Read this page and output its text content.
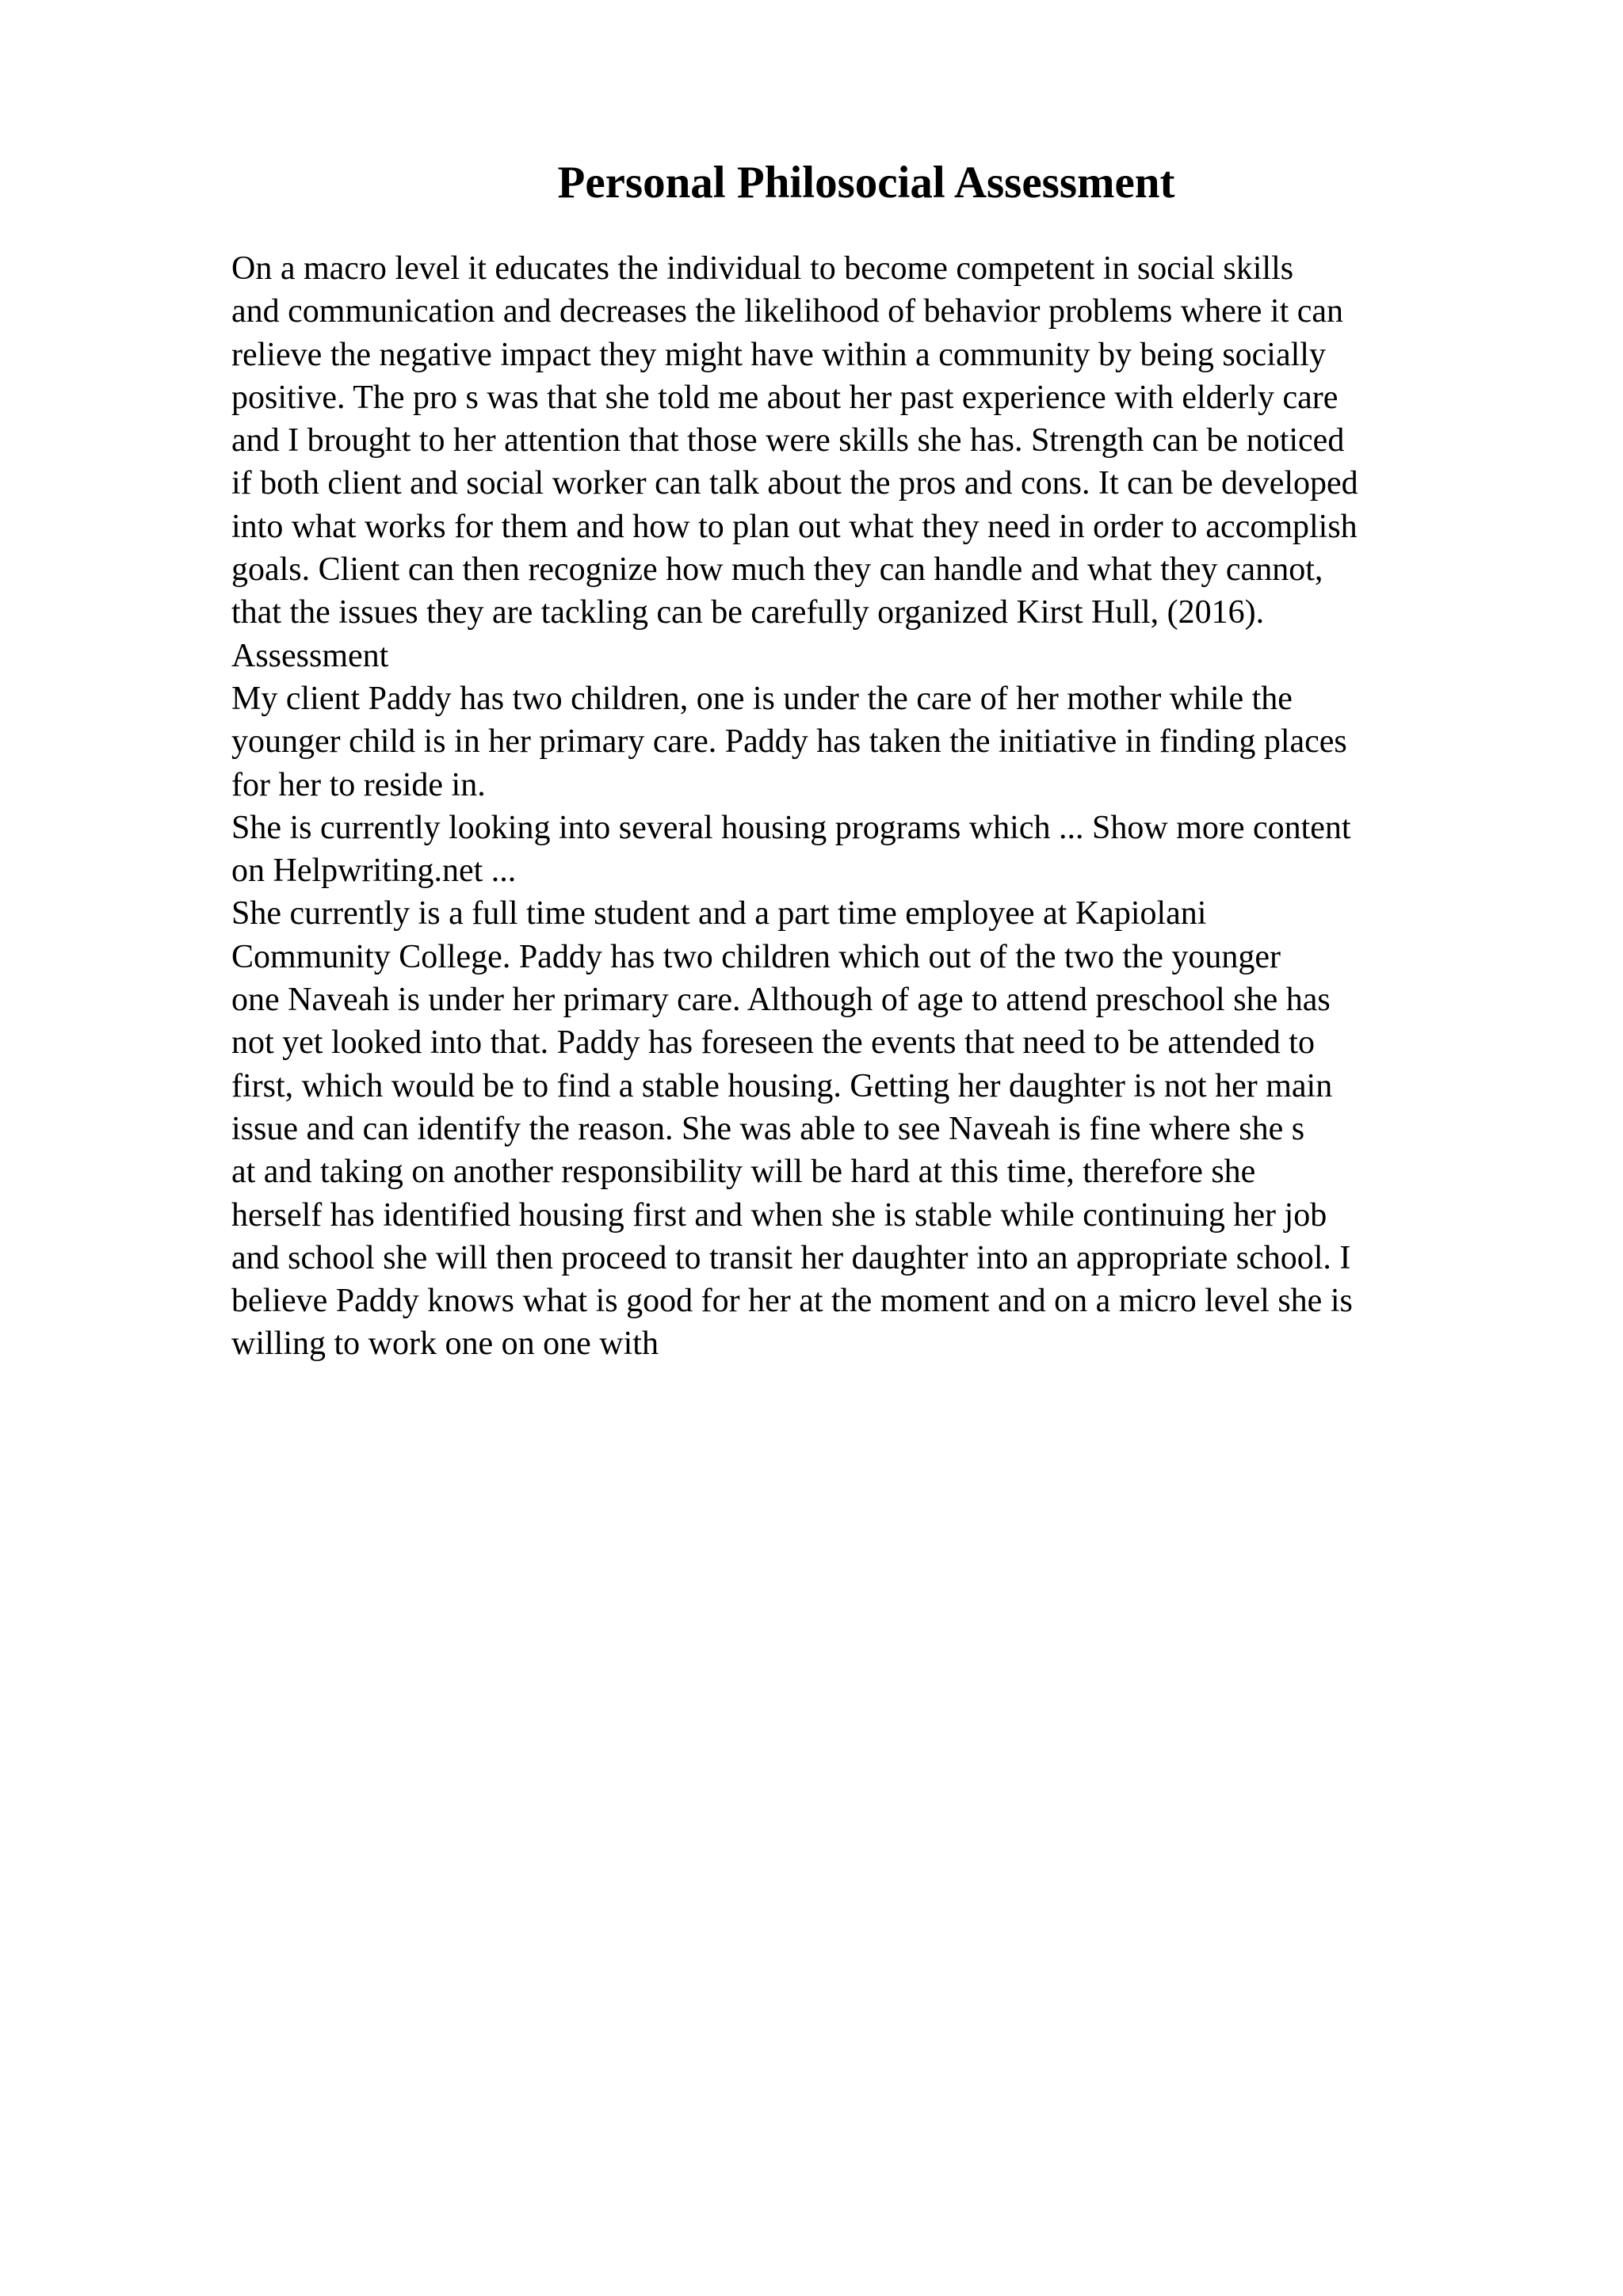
Personal Philosocial Assessment
On a macro level it educates the individual to become competent in social skills
and communication and decreases the likelihood of behavior problems where it can
relieve the negative impact they might have within a community by being socially
positive. The pro s was that she told me about her past experience with elderly care
and I brought to her attention that those were skills she has. Strength can be noticed
if both client and social worker can talk about the pros and cons. It can be developed
into what works for them and how to plan out what they need in order to accomplish
goals. Client can then recognize how much they can handle and what they cannot,
that the issues they are tackling can be carefully organized Kirst Hull, (2016).
Assessment
My client Paddy has two children, one is under the care of her mother while the
younger child is in her primary care. Paddy has taken the initiative in finding places
for her to reside in.
She is currently looking into several housing programs which ... Show more content
on Helpwriting.net ...
She currently is a full time student and a part time employee at Kapiolani
Community College. Paddy has two children which out of the two the younger
one Naveah is under her primary care. Although of age to attend preschool she has
not yet looked into that. Paddy has foreseen the events that need to be attended to
first, which would be to find a stable housing. Getting her daughter is not her main
issue and can identify the reason. She was able to see Naveah is fine where she s
at and taking on another responsibility will be hard at this time, therefore she
herself has identified housing first and when she is stable while continuing her job
and school she will then proceed to transit her daughter into an appropriate school. I
believe Paddy knows what is good for her at the moment and on a micro level she is
willing to work one on one with
